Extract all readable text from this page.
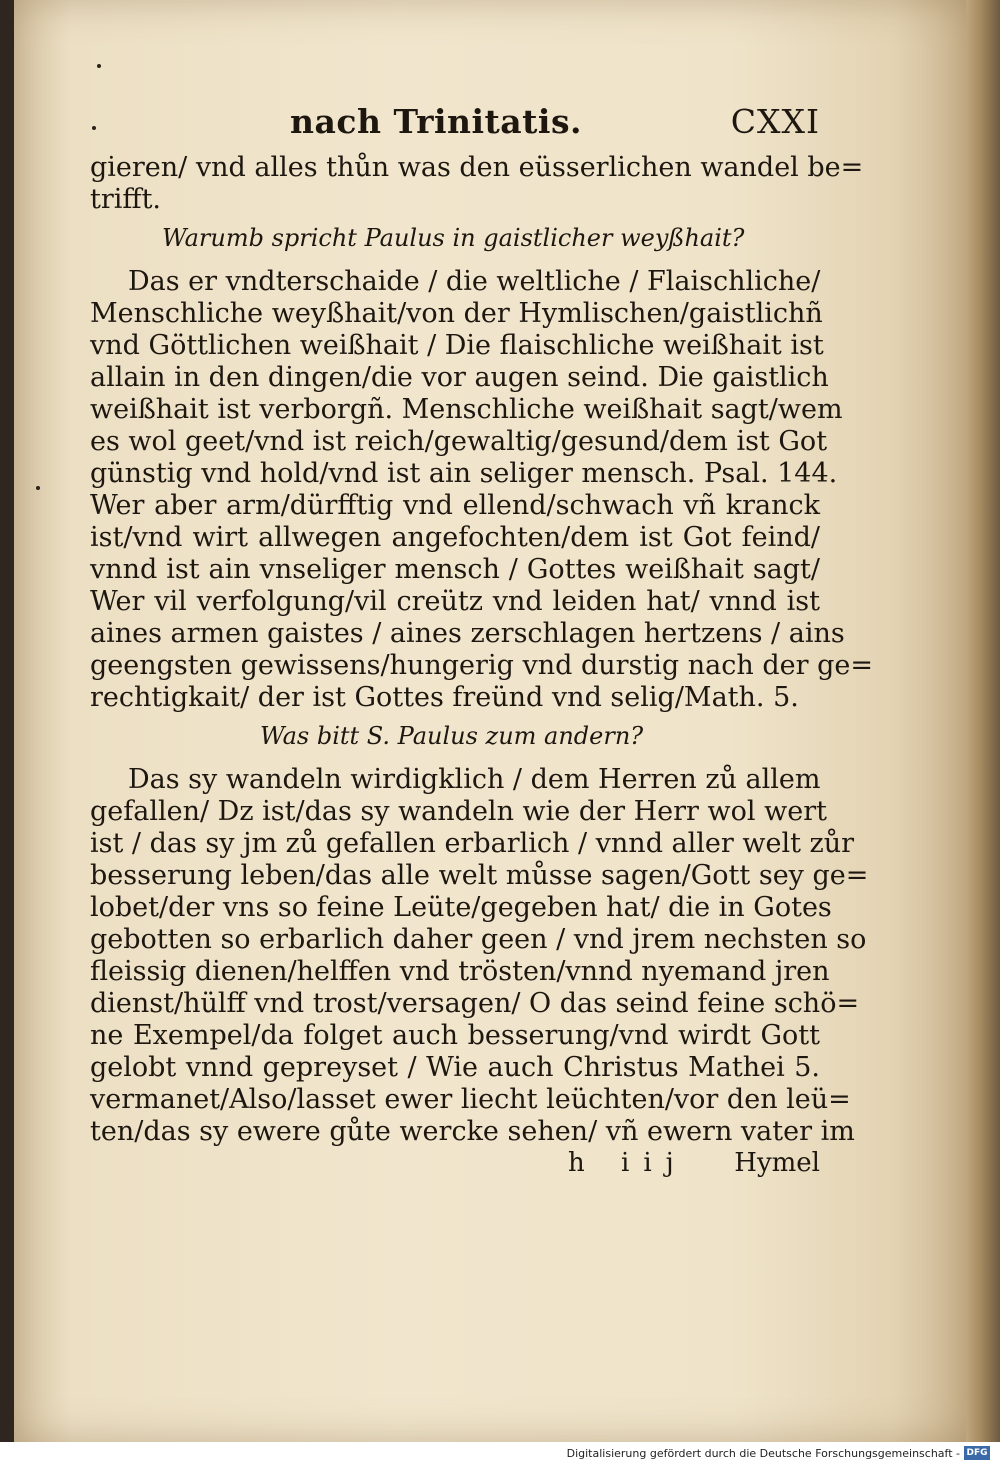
nach Trinitatis.	CXXI
gieren/ vnd alles thůn was den eüsserlichen wandel be=
trifft.
Warumb spricht Paulus in gaistlicher weyßhait?
Das er vndterschaide / die weltliche / Flaischliche/
Menschliche weyßhait/von der Hymlischen/gaistlichñ
vnd Göttlichen weißhait / Die flaischliche weißhait ist
allain in den dingen/die vor augen seind. Die gaistlich
weißhait ist verborgñ. Menschliche weißhait sagt/wem
es wol geet/vnd ist reich/gewaltig/gesund/dem ist Got
günstig vnd hold/vnd ist ain seliger mensch. Psal. 144.
Wer aber arm/dürfftig vnd ellend/schwach vñ kranck
ist/vnd wirt allwegen angefochten/dem ist Got feind/
vnnd ist ain vnseliger mensch / Gottes weißhait sagt/
Wer vil verfolgung/vil creütz vnd leiden hat/ vnnd ist
aines armen gaistes / aines zerschlagen hertzens / ains
geengsten gewissens/hungerig vnd durstig nach der ge=
rechtigkait/ der ist Gottes freünd vnd selig/Math. 5.
Was bitt S. Paulus zum andern?
Das sy wandeln wirdigklich / dem Herren zů allem
gefallen/ Dz ist/das sy wandeln wie der Herr wol wert
ist / das sy jm zů gefallen erbarlich / vnnd aller welt zůr
besserung leben/das alle welt můsse sagen/Gott sey ge=
lobet/der vns so feine Leüte/gegeben hat/ die in Gotes
gebotten so erbarlich daher geen / vnd jrem nechsten so
fleissig dienen/helffen vnd trösten/vnnd nyemand jren
dienst/hülff vnd trost/versagen/ O das seind feine schö=
ne Exempel/da folget auch besserung/vnd wirdt Gott
gelobt vnnd gepreyset / Wie auch Christus Mathei 5.
vermanet/Also/lasset ewer liecht leüchten/vor den leü=
ten/das sy ewere gůte wercke sehen/ vñ ewern vater im
h iij Hymel
Digitalisierung gefördert durch die Deutsche Forschungsgemeinschaft - DFG
